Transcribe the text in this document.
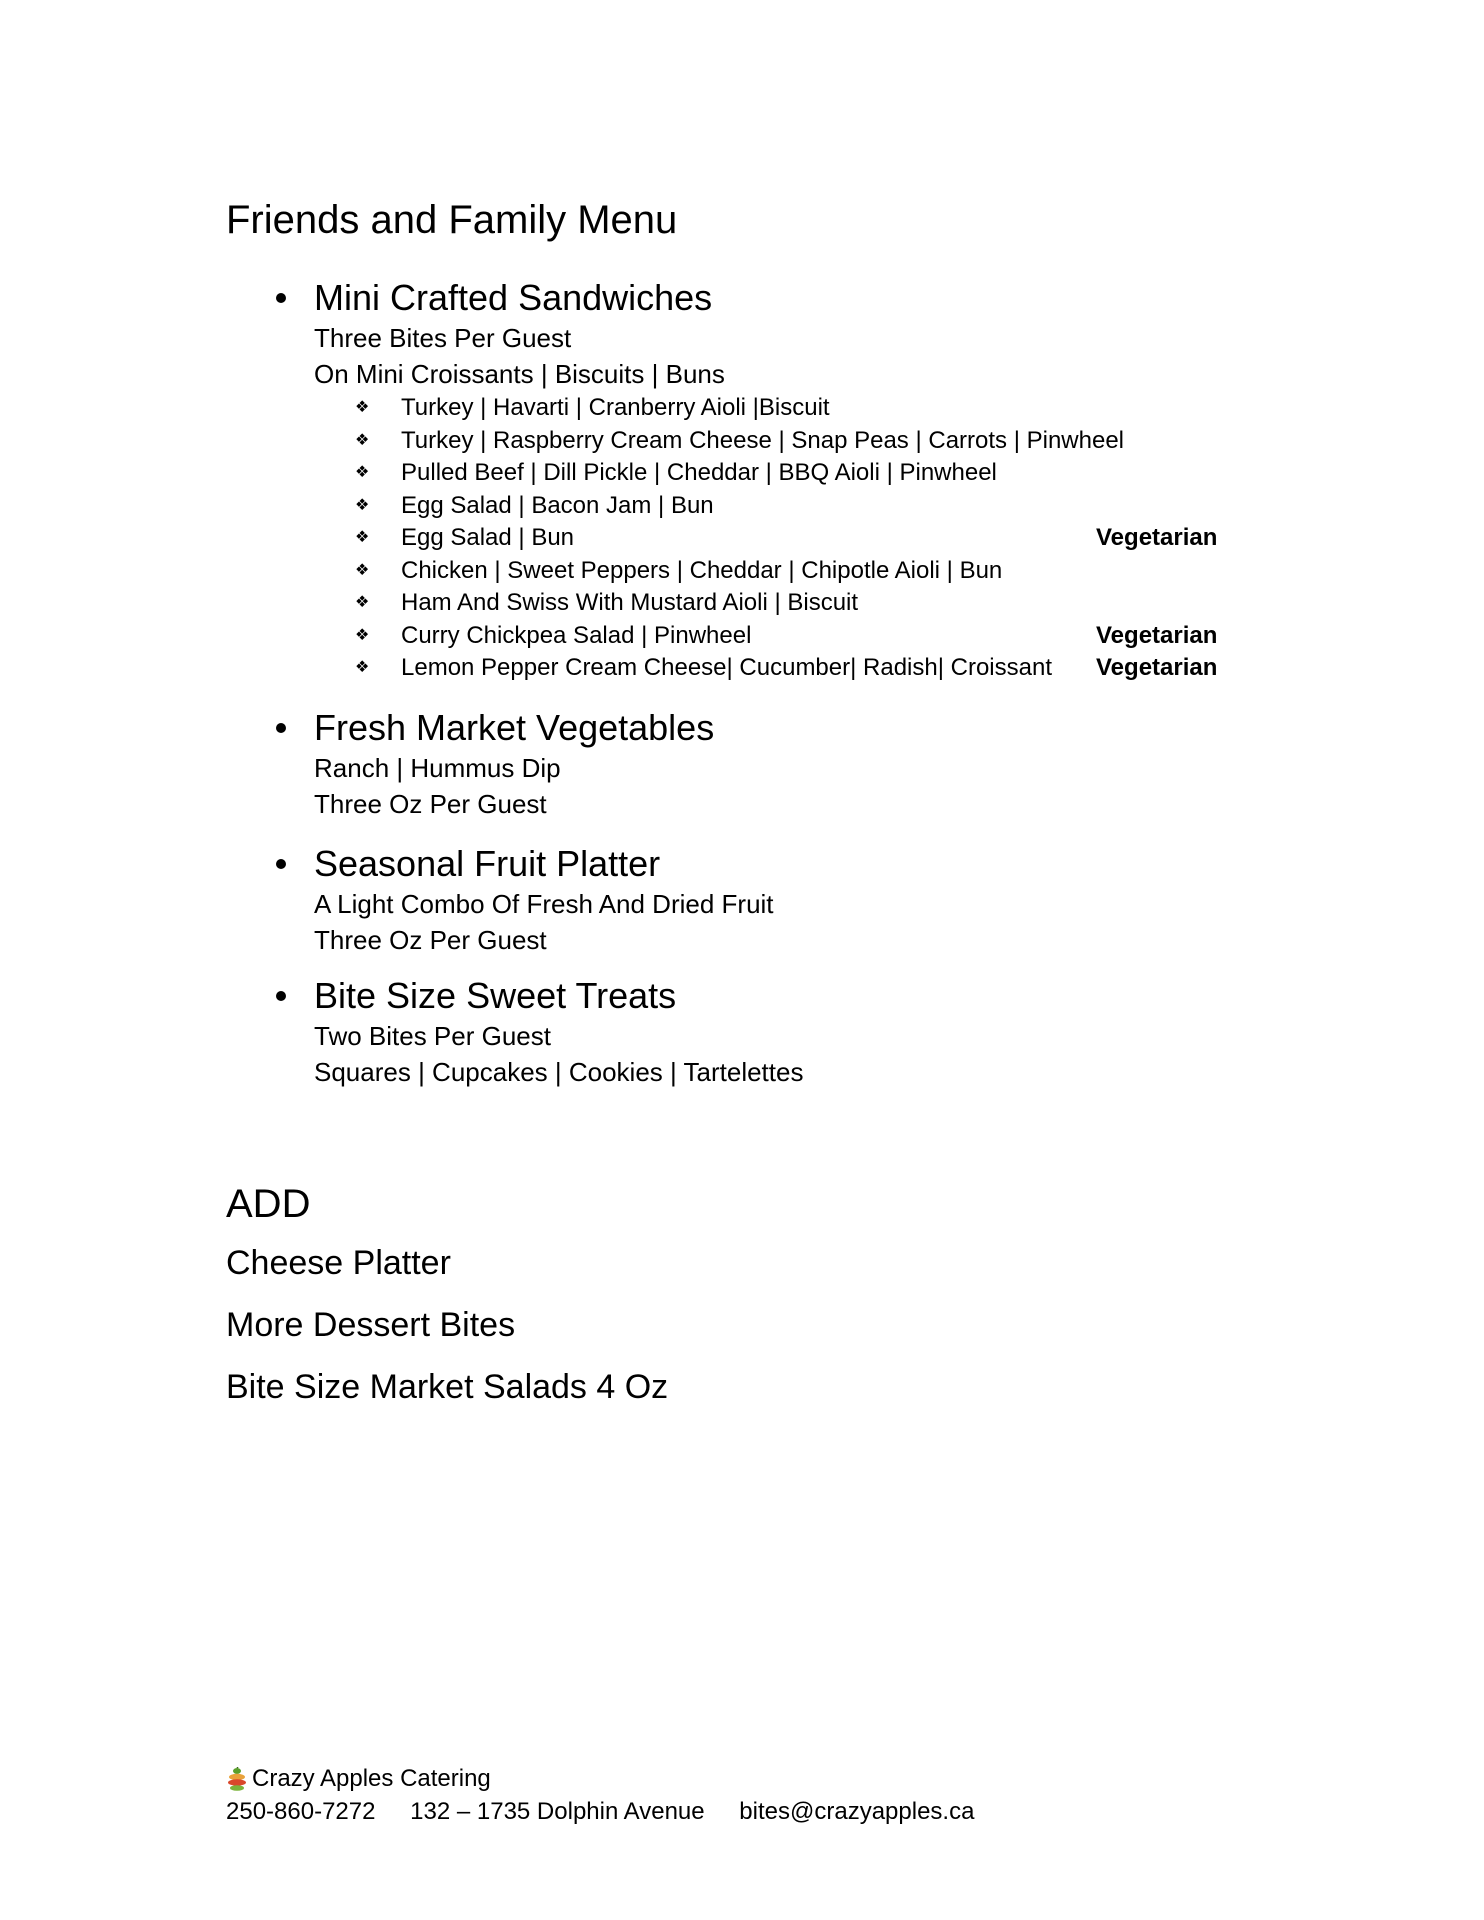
Friends and Family Menu
Mini Crafted Sandwiches
Three Bites Per Guest
On Mini Croissants | Biscuits | Buns
❖ Turkey | Havarti | Cranberry Aioli |Biscuit
❖ Turkey | Raspberry Cream Cheese | Snap Peas | Carrots | Pinwheel
❖ Pulled Beef | Dill Pickle | Cheddar | BBQ Aioli | Pinwheel
❖ Egg Salad | Bacon Jam | Bun
❖ Egg Salad | Bun	Vegetarian
❖ Chicken | Sweet Peppers | Cheddar | Chipotle Aioli | Bun
❖ Ham And Swiss With Mustard Aioli | Biscuit
❖ Curry Chickpea Salad | Pinwheel	Vegetarian
❖ Lemon Pepper Cream Cheese| Cucumber| Radish| Croissant Vegetarian
Fresh Market Vegetables
Ranch | Hummus Dip
Three Oz Per Guest
Seasonal Fruit Platter
A Light Combo Of Fresh And Dried Fruit
Three Oz Per Guest
Bite Size Sweet Treats
Two Bites Per Guest
Squares | Cupcakes | Cookies | Tartelettes
ADD
Cheese Platter
More Dessert Bites
Bite Size Market Salads 4 Oz
Crazy Apples Catering
250-860-7272 132 – 1735 Dolphin Avenue bites@crazyapples.ca
